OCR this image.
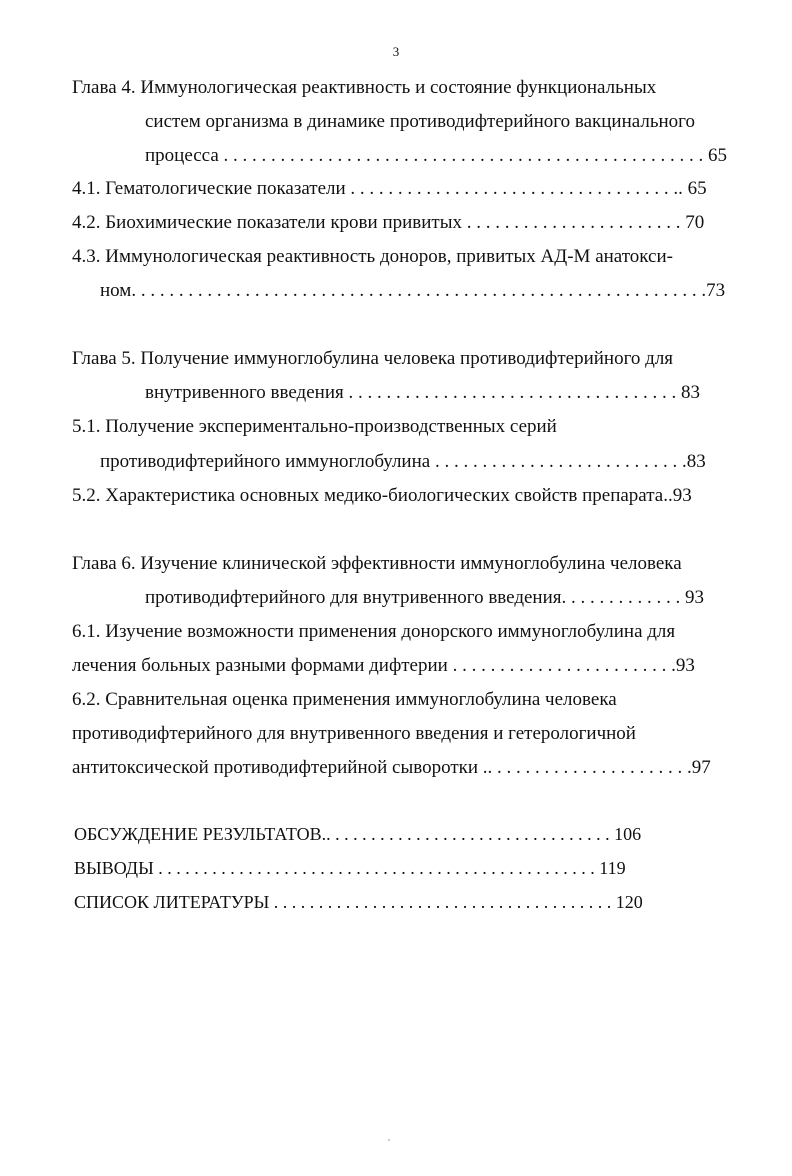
3
Глава 4. Иммунологическая реактивность и состояние функциональных
систем организма в динамике противодифтерийного вакцинального
процесса . . . . . . . . . . . . . . . . . . . . . . . . . . . . . . . . . . . . . . . . . . . . . . . . . . . 65
4.1. Гематологические показатели . . . . . . . . . . . . . . . . . . . . . . . . . . . . . . . . . . .. 65
4.2. Биохимические показатели крови привитых . . . . . . . . . . . . . . . . . . . . . . . 70
4.3. Иммунологическая реактивность доноров, привитых АД-М анатокси-
ном. . . . . . . . . . . . . . . . . . . . . . . . . . . . . . . . . . . . . . . . . . . . . . . . . . . . . . . . . . . . .73
Глава 5. Получение иммуноглобулина человека противодифтерийного для
внутривенного введения . . . . . . . . . . . . . . . . . . . . . . . . . . . . . . . . . . . 83
5.1. Получение экспериментально-производственных серий
противодифтерийного иммуноглобулина . . . . . . . . . . . . . . . . . . . . . . . . . . .83
5.2. Характеристика основных медико-биологических свойств препарата..93
Глава 6. Изучение клинической эффективности иммуноглобулина человека
противодифтерийного для внутривенного введения. . . . . . . . . . . . . 93
6.1. Изучение возможности применения донорского иммуноглобулина для
лечения больных разными формами дифтерии . . . . . . . . . . . . . . . . . . . . . . . .93
6.2. Сравнительная оценка применения иммуноглобулина человека
противодифтерийного для внутривенного введения и гетерологичной
антитоксической противодифтерийной сыворотки .. . . . . . . . . . . . . . . . . . . . . .97
ОБСУЖДЕНИЕ РЕЗУЛЬТАТОВ.. . . . . . . . . . . . . . . . . . . . . . . . . . . . . . . . 106
ВЫВОДЫ . . . . . . . . . . . . . . . . . . . . . . . . . . . . . . . . . . . . . . . . . . . . . . . . . 119
СПИСОК ЛИТЕРАТУРЫ . . . . . . . . . . . . . . . . . . . . . . . . . . . . . . . . . . . . . . 120
